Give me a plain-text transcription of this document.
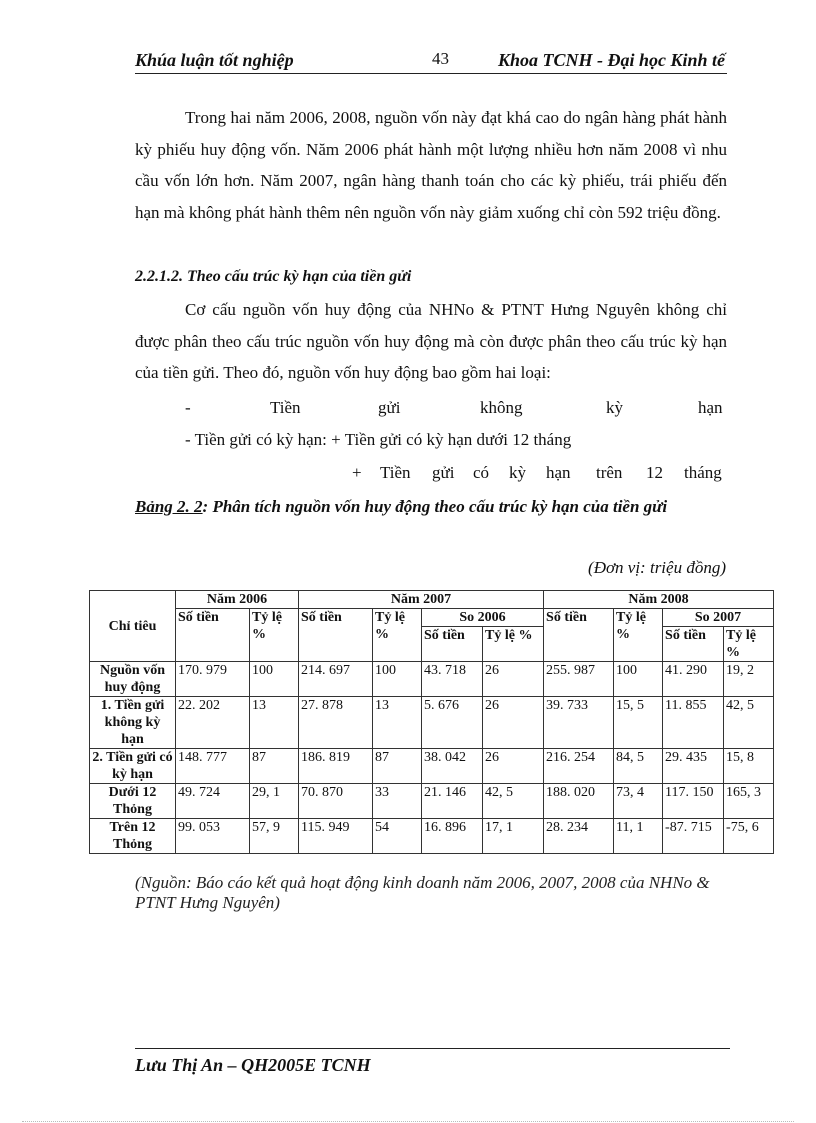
Khúa luận tốt nghiệp	43	Khoa TCNH - Đại học Kinh tế

Trong hai năm 2006, 2008, nguồn vốn này đạt khá cao do ngân hàng phát hành kỳ phiếu huy động vốn. Năm 2006 phát hành một lượng nhiều hơn năm 2008 vì nhu cầu vốn lớn hơn. Năm 2007, ngân hàng thanh toán cho các kỳ phiếu, trái phiếu đến hạn mà không phát hành thêm nên nguồn vốn này giảm xuống chỉ còn 592 triệu đồng.

2.2.1.2. Theo cấu trúc kỳ hạn của tiền gửi

Cơ cấu nguồn vốn huy động của NHNo & PTNT Hưng Nguyên không chỉ được phân theo cấu trúc nguồn vốn huy động mà còn được phân theo cấu trúc kỳ hạn của tiền gửi. Theo đó, nguồn vốn huy động bao gồm hai loại:

-	Tiền	gửi	không	kỳ	hạn
- Tiền gửi có kỳ hạn: + Tiền gửi có kỳ hạn dưới 12 tháng
+ Tiền gửi có kỳ hạn trên 12 tháng
Bảng 2. 2: Phân tích nguồn vốn huy động theo cấu trúc kỳ hạn của tiền gửi
(Đơn vị: triệu đồng)
Chỉ tiêu	Năm 2006		Năm 2007				Năm 2008			
	Số tiền	Tỷ lệ %	Số tiền	Tỷ lệ %	So 2006		Số tiền	Tỷ lệ %	So 2007	
					Số tiền	Tỷ lệ %			Số tiền	Tỷ lệ %
Nguồn vốn huy động	170. 979	100	214. 697	100	43. 718	26	255. 987	100	41. 290	19, 2
1. Tiền gửi không kỳ hạn	22. 202	13	27. 878	13	5. 676	26	39. 733	15, 5	11. 855	42, 5
2. Tiền gửi có kỳ hạn	148. 777	87	186. 819	87	38. 042	26	216. 254	84, 5	29. 435	15, 8
Dưới 12 Thỏng	49. 724	29, 1	70. 870	33	21. 146	42, 5	188. 020	73, 4	117. 150	165, 3
Trên 12 Thỏng	99. 053	57, 9	115. 949	54	16. 896	17, 1	28. 234	11, 1	-87. 715	-75, 6
(Nguồn: Báo cáo kết quả hoạt động kinh doanh năm 2006, 2007, 2008 của NHNo & PTNT Hưng Nguyên)
Lưu Thị An – QH2005E TCNH
